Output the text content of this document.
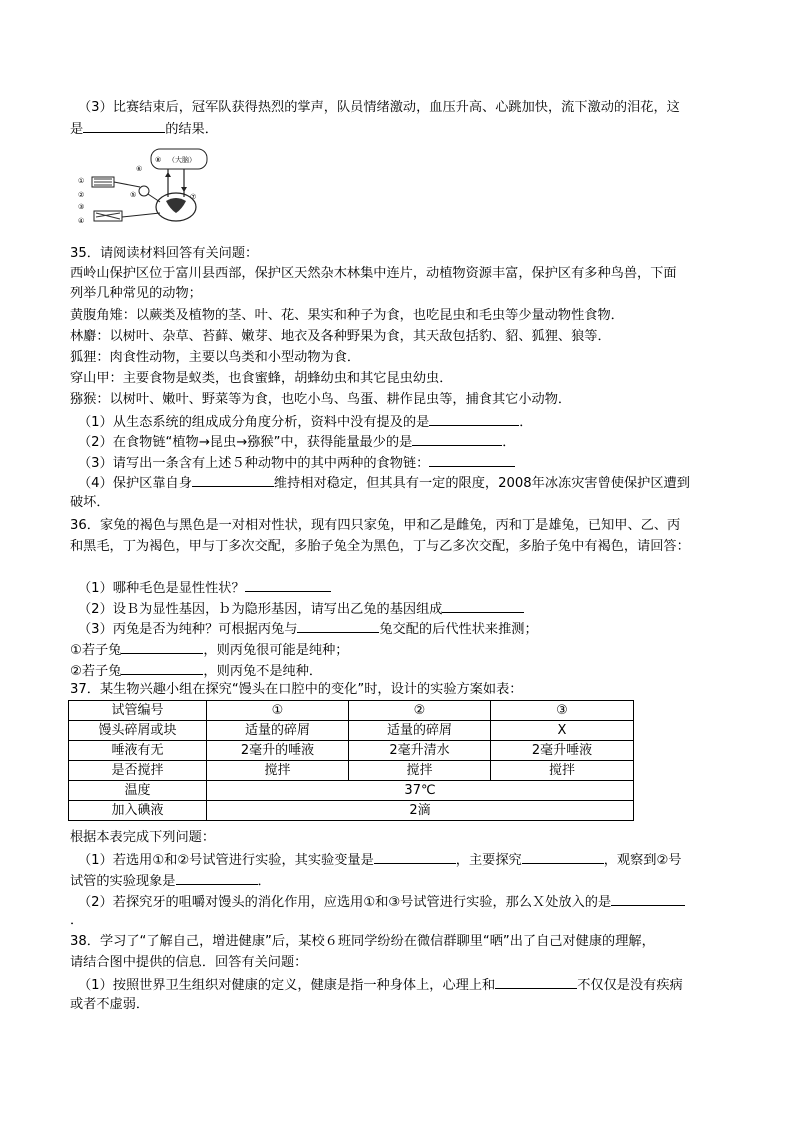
（3）比赛结束后，冠军队获得热烈的掌声，队员情绪激动，血压升高、心跳加快，流下激动的泪花，这
是	的结果．
⑧ （大脑）
①
②
③
④
⑤
⑥
⑦
35．请阅读材料回答有关问题：
西岭山保护区位于富川县西部，保护区天然杂木林集中连片，动植物资源丰富，保护区有多种鸟兽，下面
列举几种常见的动物；
黄腹角雉：以蕨类及植物的茎、叶、花、果实和种子为食，也吃昆虫和毛虫等少量动物性食物．
林麝：以树叶、杂草、苔藓、嫩芽、地衣及各种野果为食，其天敌包括豹、貂、狐狸、狼等．
狐狸：肉食性动物，主要以鸟类和小型动物为食．
穿山甲：主要食物是蚁类，也食蜜蜂，胡蜂幼虫和其它昆虫幼虫．
猕猴：以树叶、嫩叶、野菜等为食，也吃小鸟、鸟蛋、耕作昆虫等，捕食其它小动物．
（1）从生态系统的组成成分角度分析，资料中没有提及的是	．
（2）在食物链“植物→昆虫→猕猴”中，获得能量最少的是	．
（3）请写出一条含有上述５种动物中的其中两种的食物链：
（4）保护区靠自身	维持相对稳定，但其具有一定的限度，2008年冰冻灾害曾使保护区遭到
破坏．
36．家兔的褐色与黑色是一对相对性状，现有四只家兔，甲和乙是雌兔，丙和丁是雄兔，已知甲、乙、丙
和黑毛，丁为褐色，甲与丁多次交配，多胎子兔全为黑色，丁与乙多次交配，多胎子兔中有褐色，请回答：
（1）哪种毛色是显性性状？
（2）设Ｂ为显性基因，ｂ为隐形基因，请写出乙兔的基因组成
（3）丙兔是否为纯种？可根据丙兔与	兔交配的后代性状来推测；
①若子兔	，则丙兔很可能是纯种；
②若子兔	，则丙兔不是纯种．
37．某生物兴趣小组在探究“馒头在口腔中的变化”时，设计的实验方案如表：
试管编号	①	②	③
馒头碎屑或块	适量的碎屑	适量的碎屑	X
唾液有无	2毫升的唾液	2毫升清水	2毫升唾液
是否搅拌	搅拌	搅拌	搅拌
温度	37℃		
加入碘液	2滴		
根据本表完成下列问题：
（1）若选用①和②号试管进行实验，其实验变量是	，主要探究	，观察到②号
试管的实验现象是	．
（2）若探究牙的咀嚼对馒头的消化作用，应选用①和③号试管进行实验，那么Ｘ处放入的是
．
38．学习了“了解自己，增进健康”后，某校６班同学纷纷在微信群聊里“晒”出了自己对健康的理解，
请结合图中提供的信息．回答有关问题：
（1）按照世界卫生组织对健康的定义，健康是指一种身体上，心理上和	不仅仅是没有疾病
或者不虚弱．
